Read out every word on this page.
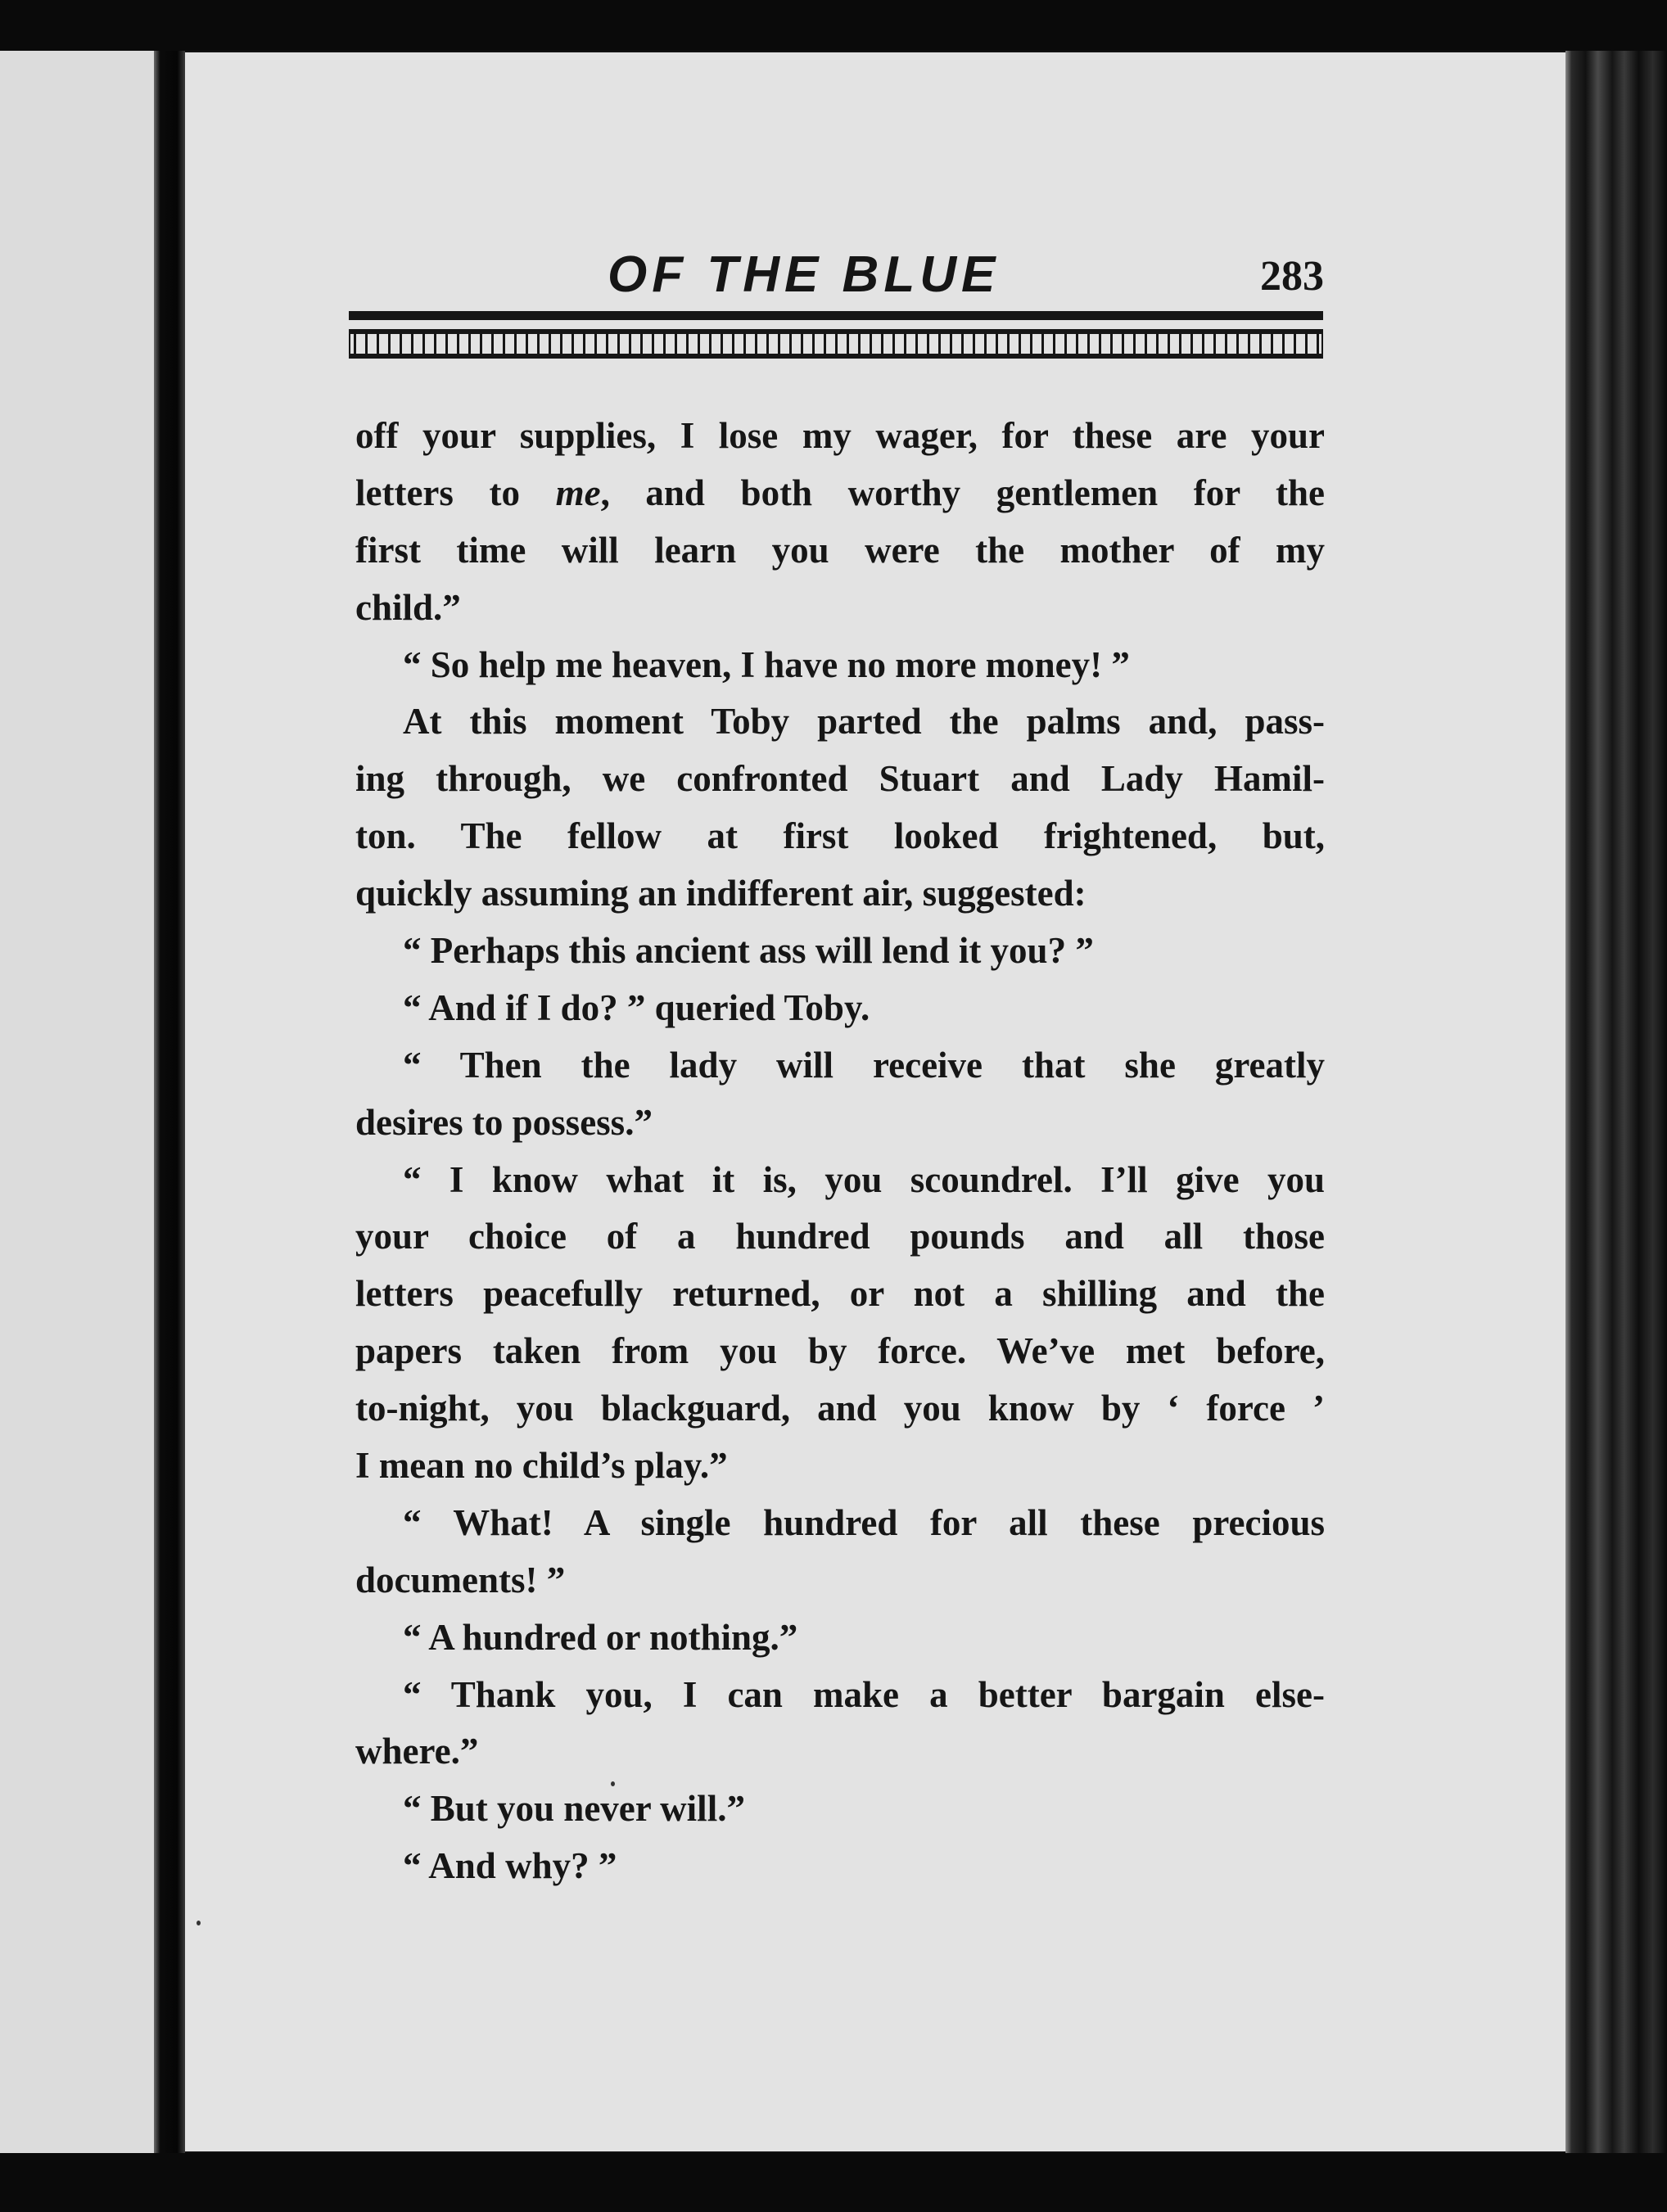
OF THE BLUE	283
off your supplies, I lose my wager, for these are your
letters to me, and both worthy gentlemen for the
first time will learn you were the mother of my
child.”
“ So help me heaven, I have no more money! ”
At this moment Toby parted the palms and, pass-
ing through, we confronted Stuart and Lady Hamil-
ton. The fellow at first looked frightened, but,
quickly assuming an indifferent air, suggested:
“ Perhaps this ancient ass will lend it you? ”
“ And if I do? ” queried Toby.
“ Then the lady will receive that she greatly
desires to possess.”
“ I know what it is, you scoundrel. I’ll give you
your choice of a hundred pounds and all those
letters peacefully returned, or not a shilling and the
papers taken from you by force. We’ve met before,
to-night, you blackguard, and you know by ‘ force ’
I mean no child’s play.”
“ What! A single hundred for all these precious
documents! ”
“ A hundred or nothing.”
“ Thank you, I can make a better bargain else-
where.”
“ But you never will.”
“ And why? ”
